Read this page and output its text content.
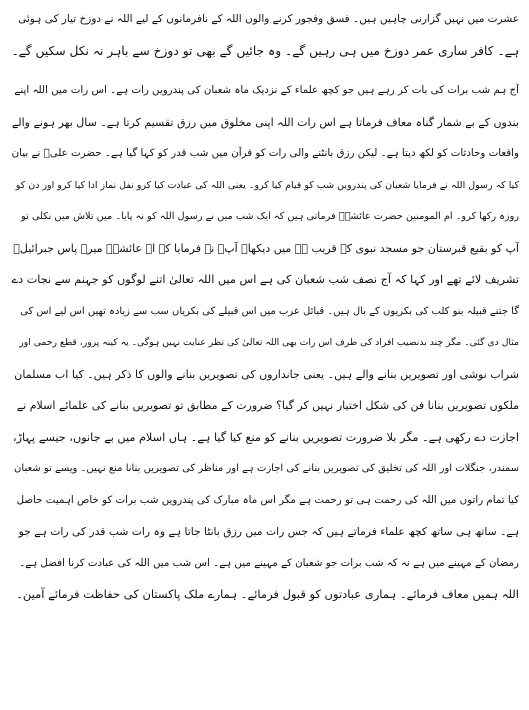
عشرت میں نہیں گزارنی چاہیں ہیں۔ فسق وفجور کرنے والوں اللہ کے نافرمانوں کے لیے اللہ نے دوزخ تیار کی ہوئی
ہے۔ کافر ساری عمر دوزخ میں ہی رہیں گے۔ وہ جائیں گے بھی تو دوزخ سے باہر نہ نکل سکیں گے۔
آج ہم شب برات کی بات کر رہے ہیں جو کچھ علماء کے نزدیک ماہ شعبان کی پندرویں رات ہے۔ اس رات میں اللہ اپنے
بندوں کے بے شمار گناہ معاف فرماتا ہے اس رات اللہ اپنی مخلوق میں رزق تقسیم کرتا ہے۔ سال بھر ہونے والے
واقعات وحادثات کو لکھ دیتا ہے۔ لیکن رزق بانٹنے والی رات کو قرآن میں شب قدر کو کہا گیا ہے۔ حضرت علیؓ نے بیان
کیا کہ رسول اللہ نے فرمایا شعبان کی پندرویں شب کو قیام کیا کرو۔ یعنی اللہ کی عبادت کیا کرو نفل نماز ادا کیا کرو اور دن کو
روزہ رکھا کرو۔ ام المومنین حضرت عائشہؓ فرماتی ہیں کہ ایک شب میں نے رسول اللہ کو نہ پایا۔ میں تلاش میں نکلی تو
آپ کو بقیع قبرستان جو مسجد نبوی کے قریب ہے میں دیکھا۔ آپؐ نے فرمایا کہ اے عائشہؓ میرے پاس جبرائیلؑ
تشریف لائے تھے اور کہا کہ آج نصف شب شعبان کی ہے اس میں اللہ تعالیٰ اتنے لوگوں کو جہنم سے نجات دے
گا جتنے قبیلہ بنو کلب کی بکریوں کے بال ہیں۔ قبائل عرب میں اس قبیلے کی بکریاں سب سے زیادہ تھیں اس لیے اس کی
مثال دی گئی۔ مگر چند بدنصیب افراد کی طرف اس رات بھی اللہ تعالیٰ کی نظر عنایت نہیں ہوگی۔ یہ کینہ پرور، قطع رحمی اور
شراب نوشی اور تصویریں بنانے والے ہیں۔ یعنی جانداروں کی تصویریں بنانے والوں کا ذکر ہیں۔ کیا اب مسلمان
ملکوں تصویریں بنانا فن کی شکل اختیار نہیں کر گیا؟ ضرورت کے مطابق تو تصویریں بنانے کی علمائے اسلام نے
اجازت دے رکھی ہے۔ مگر بلا ضرورت تصویریں بنانے کو منع کیا گیا ہے۔ ہاں اسلام میں بے جانوں، جیسے پہاڑ،
سمندر، جنگلات اور اللہ کی تخلیق کی تصویریں بنانے کی اجازت ہے اور مناظر کی تصویریں بنانا منع نہیں۔ ویسے تو شعبان
کیا تمام راتوں میں اللہ کی رحمت ہی تو رحمت ہے مگر اس ماہ مبارک کی پندرویں شب برات کو خاص اہمیت حاصل
ہے۔ ساتھ ہی ساتھ کچھ علماء فرماتے ہیں کہ جس رات میں رزق بانٹا جاتا ہے وہ رات شب قدر کی رات ہے جو
رمضان کے مہینے میں ہے نہ کہ شب برات جو شعبان کے مہینے میں ہے۔ اس شب میں اللہ کی عبادت کرنا افضل ہے۔
اللہ ہمیں معاف فرمائے۔ ہماری عبادتوں کو قبول فرمائے۔ ہمارے ملک پاکستان کی حفاظت فرمائے آمین۔
